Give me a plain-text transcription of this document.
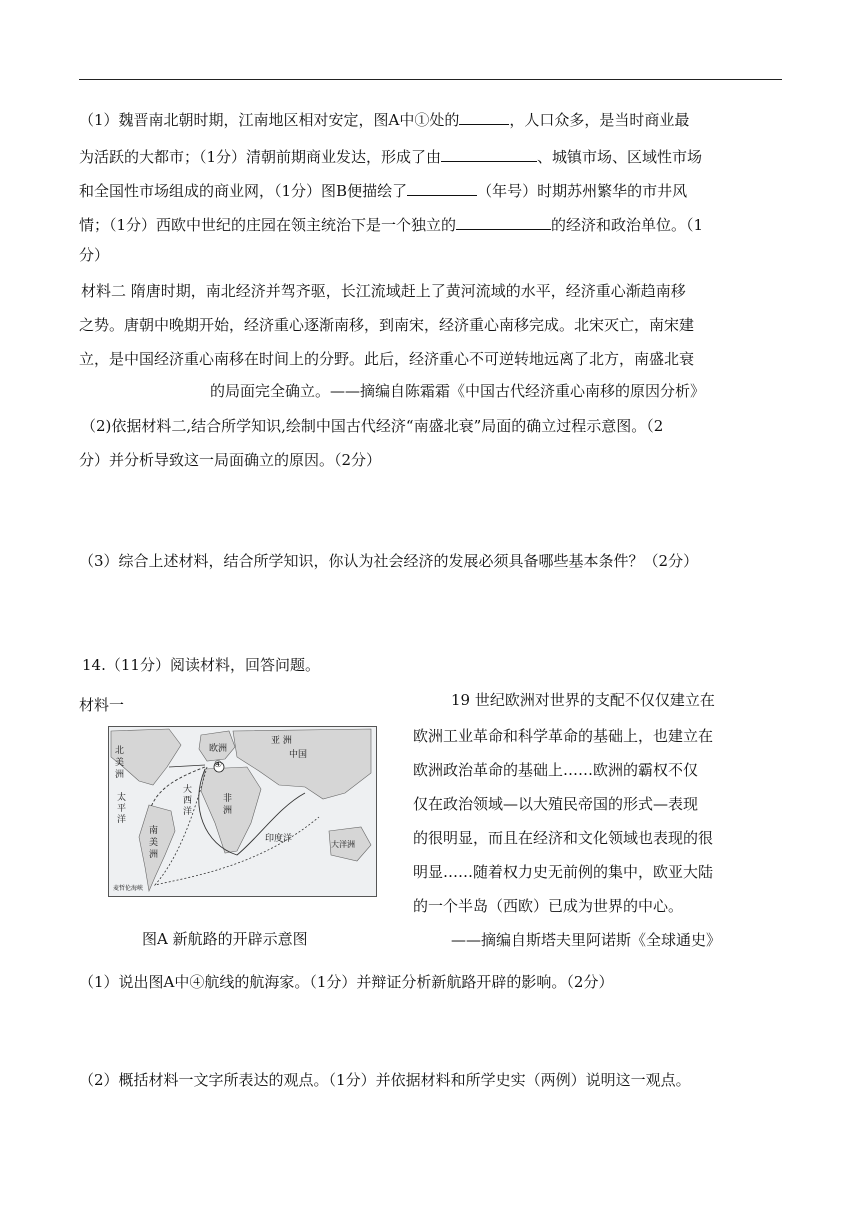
（1）魏晋南北朝时期，江南地区相对安定，图A中①处的	，人口众多，是当时商业最
为活跃的大都市；（1分）清朝前期商业发达，形成了由	、城镇市场、区域性市场
和全国性市场组成的商业网，（1分）图B便描绘了	（年号）时期苏州繁华的市井风
情；（1分）西欧中世纪的庄园在领主统治下是一个独立的	的经济和政治单位。（1
分）
材料二 隋唐时期，南北经济并驾齐驱，长江流域赶上了黄河流域的水平，经济重心渐趋南移
之势。唐朝中晚期开始，经济重心逐渐南移，到南宋，经济重心南移完成。北宋灭亡，南宋建
立，是中国经济重心南移在时间上的分野。此后，经济重心不可逆转地远离了北方，南盛北衰
的局面完全确立。——摘编自陈霜霜《中国古代经济重心南移的原因分析》
（2)依据材料二,结合所学知识,绘制中国古代经济“南盛北衰”局面的确立过程示意图。（2
分）并分析导致这一局面确立的原因。（2分）
（3）综合上述材料，结合所学知识，你认为社会经济的发展必须具备哪些基本条件？（2分）
14.（11分）阅读材料，回答问题。
材料一
北
美
洲
南
美
洲
欧洲
中国
亚 洲
非
洲
大
西
洋
印度洋
太
平
洋
大洋洲
④
麦哲伦海峡
图A 新航路的开辟示意图
19 世纪欧洲对世界的支配不仅仅建立在
欧洲工业革命和科学革命的基础上，也建立在
欧洲政治革命的基础上……欧洲的霸权不仅
仅在政治领域—以大殖民帝国的形式—表现
的很明显，而且在经济和文化领域也表现的很
明显……随着权力史无前例的集中，欧亚大陆
的一个半岛（西欧）已成为世界的中心。
——摘编自斯塔夫里阿诺斯《全球通史》
（1）说出图A中④航线的航海家。（1分）并辩证分析新航路开辟的影响。（2分）
（2）概括材料一文字所表达的观点。（1分）并依据材料和所学史实（两例）说明这一观点。
